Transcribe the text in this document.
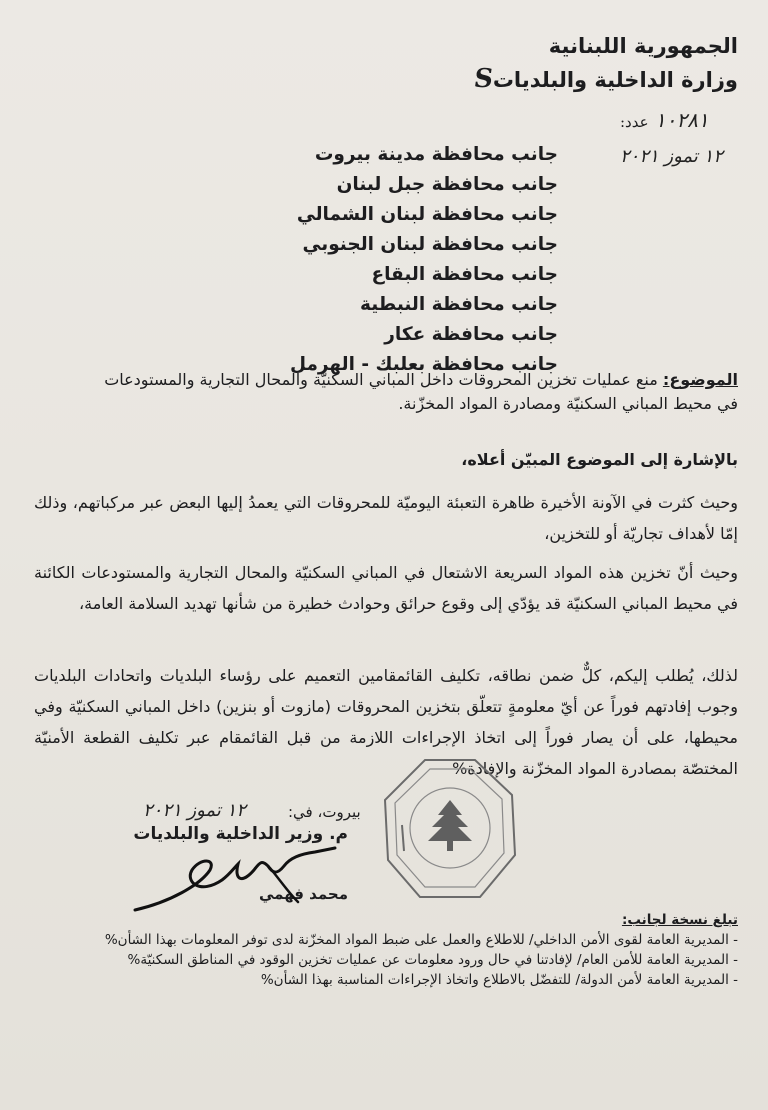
الجمهورية اللبنانية
وزارة الداخلية والبلدياتS
١٠٢٨١ عدد:
١٢ تموز ٢٠٢١
جانب محافظة مدينة بيروت
جانب محافظة جبل لبنان
جانب محافظة لبنان الشمالي
جانب محافظة لبنان الجنوبي
جانب محافظة البقاع
جانب محافظة النبطية
جانب محافظة عكار
جانب محافظة بعلبك - الهرمل
الموضوع: منع عمليات تخزين المحروقات داخل المباني السكنيّة والمحال التجارية والمستودعات في محيط المباني السكنيّة ومصادرة المواد المخزّنة.
بالإشارة إلى الموضوع المبيّن أعلاه،
وحيث كثرت في الآونة الأخيرة ظاهرة التعبئة اليوميّة للمحروقات التي يعمدُ إليها البعض عبر مركباتهم، وذلك إمّا لأهداف تجاريّة أو للتخزين،
وحيث أنّ تخزين هذه المواد السريعة الاشتعال في المباني السكنيّة والمحال التجارية والمستودعات الكائنة في محيط المباني السكنيّة قد يؤدّي إلى وقوع حرائق وحوادث خطيرة من شأنها تهديد السلامة العامة،
لذلك، يُطلب إليكم، كلٌّ ضمن نطاقه، تكليف القائمقامين التعميم على رؤساء البلديات واتحادات البلديات وجوب إفادتهم فوراً عن أيّ معلومةٍ تتعلّق بتخزين المحروقات (مازوت أو بنزين) داخل المباني السكنيّة وفي محيطها، على أن يصار فوراً إلى اتخاذ الإجراءات اللازمة من قبل القائمقام عبر تكليف القطعة الأمنيّة المختصّة بمصادرة المواد المخزّنة والإفادة%
بيروت، في:
١٢ تموز ٢٠٢١
م. وزير الداخلية والبلديات
محمد فهمي
تبلغ نسخة لجانب:
- المديرية العامة لقوى الأمن الداخلي/ للاطلاع والعمل على ضبط المواد المخزّنة لدى توفر المعلومات بهذا الشأن%
- المديرية العامة للأمن العام/ لإفادتنا في حال ورود معلومات عن عمليات تخزين الوقود في المناطق السكنيّة%
- المديرية العامة لأمن الدولة/ للتفضّل بالاطلاع واتخاذ الإجراءات المناسبة بهذا الشأن%
